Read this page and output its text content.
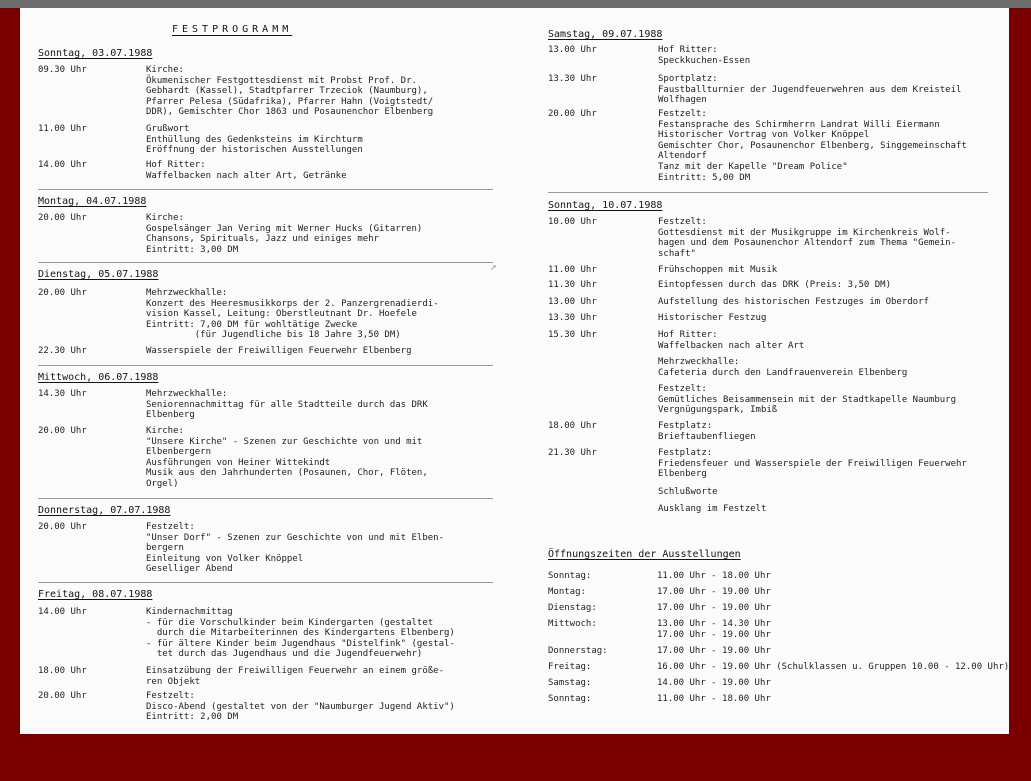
FESTPROGRAMM
Sonntag, 03.07.1988
09.30 Uhr	Kirche:
Ökumenischer Festgottesdienst mit Probst Prof. Dr.
Gebhardt (Kassel), Stadtpfarrer Trzeciok (Naumburg),
Pfarrer Pelesa (Südafrika), Pfarrer Hahn (Voigtstedt/
DDR), Gemischter Chor 1863 und Posaunenchor Elbenberg
11.00 Uhr	Grußwort
Enthüllung des Gedenksteins im Kirchturm
Eröffnung der historischen Ausstellungen
14.00 Uhr	Hof Ritter:
Waffelbacken nach alter Art, Getränke
Montag, 04.07.1988
20.00 Uhr	Kirche:
Gospelsänger Jan Vering mit Werner Hucks (Gitarren)
Chansons, Spirituals, Jazz und einiges mehr
Eintritt: 3,00 DM
Dienstag, 05.07.1988
20.00 Uhr	Mehrzweckhalle:
Konzert des Heeresmusikkorps der 2. Panzergrenadierdi-
vision Kassel, Leitung: Oberstleutnant Dr. Hoefele
Eintritt: 7,00 DM für wohltätige Zwecke
(für Jugendliche bis 18 Jahre 3,50 DM)
22.30 Uhr	Wasserspiele der Freiwilligen Feuerwehr Elbenberg
Mittwoch, 06.07.1988
14.30 Uhr	Mehrzweckhalle:
Seniorennachmittag für alle Stadtteile durch das DRK
Elbenberg
20.00 Uhr	Kirche:
"Unsere Kirche" - Szenen zur Geschichte von und mit
Elbenbergern
Ausführungen von Heiner Wittekindt
Musik aus den Jahrhunderten (Posaunen, Chor, Flöten,
Orgel)
Donnerstag, 07.07.1988
20.00 Uhr	Festzelt:
"Unser Dorf" - Szenen zur Geschichte von und mit Elben-
bergern
Einleitung von Volker Knöppel
Geselliger Abend
Freitag, 08.07.1988
14.00 Uhr	Kindernachmittag
- für die Vorschulkinder beim Kindergarten (gestaltet
durch die Mitarbeiterinnen des Kindergartens Elbenberg)
- für ältere Kinder beim Jugendhaus "Distelfink" (gestal-
tet durch das Jugendhaus und die Jugendfeuerwehr)
18.00 Uhr	Einsatzübung der Freiwilligen Feuerwehr an einem größe-
ren Objekt
20.00 Uhr	Festzelt:
Disco-Abend (gestaltet von der "Naumburger Jugend Aktiv")
Eintritt: 2,00 DM
Samstag, 09.07.1988
13.00 Uhr	Hof Ritter:
Speckkuchen-Essen
13.30 Uhr	Sportplatz:
Faustballturnier der Jugendfeuerwehren aus dem Kreisteil
Wolfhagen
20.00 Uhr	Festzelt:
Festansprache des Schirmherrn Landrat Willi Eiermann
Historischer Vortrag von Volker Knöppel
Gemischter Chor, Posaunenchor Elbenberg, Singgemeinschaft
Altendorf
Tanz mit der Kapelle "Dream Police"
Eintritt: 5,00 DM
Sonntag, 10.07.1988
10.00 Uhr	Festzelt:
Gottesdienst mit der Musikgruppe im Kirchenkreis Wolf-
hagen und dem Posaunenchor Altendorf zum Thema "Gemein-
schaft"
11.00 Uhr	Frühschoppen mit Musik
11.30 Uhr	Eintopfessen durch das DRK (Preis: 3,50 DM)
13.00 Uhr	Aufstellung des historischen Festzuges im Oberdorf
13.30 Uhr	Historischer Festzug
15.30 Uhr	Hof Ritter:
Waffelbacken nach alter Art
Mehrzweckhalle:
Cafeteria durch den Landfrauenverein Elbenberg
Festzelt:
Gemütliches Beisammensein mit der Stadtkapelle Naumburg
Vergnügungspark, Imbiß
18.00 Uhr	Festplatz:
Brieftaubenfliegen
21.30 Uhr	Festplatz:
Friedensfeuer und Wasserspiele der Freiwilligen Feuerwehr
Elbenberg
Schlußworte
Ausklang im Festzelt
Öffnungszeiten der Ausstellungen
Sonntag:	11.00 Uhr - 18.00 Uhr
Montag:	17.00 Uhr - 19.00 Uhr
Dienstag:	17.00 Uhr - 19.00 Uhr
Mittwoch:	13.00 Uhr - 14.30 Uhr
17.00 Uhr - 19.00 Uhr
Donnerstag:	17.00 Uhr - 19.00 Uhr
Freitag:	16.00 Uhr - 19.00 Uhr (Schulklassen u. Gruppen 10.00 - 12.00 Uhr)
Samstag:	14.00 Uhr - 19.00 Uhr
Sonntag:	11.00 Uhr - 18.00 Uhr
↗
